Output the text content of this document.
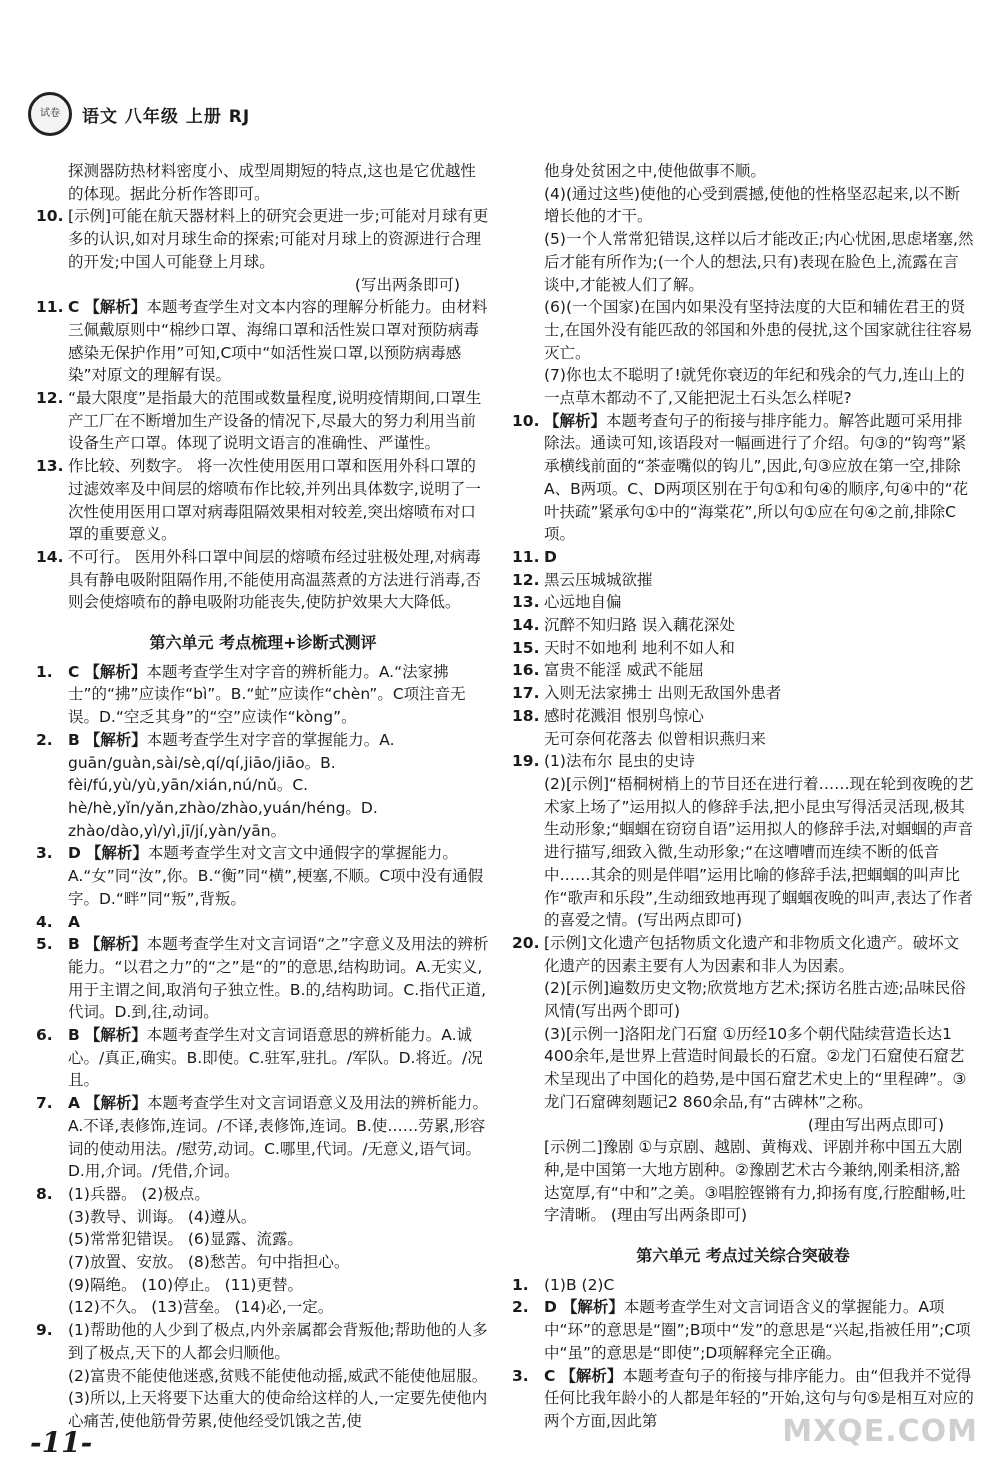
试卷	语文 八年级 上册 RJ
探测器防热材料密度小、成型周期短的特点,这也是它优越性的体现。据此分析作答即可。
10. [示例]可能在航天器材料上的研究会更进一步;可能对月球有更多的认识,如对月球生命的探索;可能对月球上的资源进行合理的开发;中国人可能登上月球。
(写出两条即可)
11. C 【解析】本题考查学生对文本内容的理解分析能力。由材料三佩戴原则中“棉纱口罩、海绵口罩和活性炭口罩对预防病毒感染无保护作用”可知,C项中“如活性炭口罩,以预防病毒感染”对原文的理解有误。
12. “最大限度”是指最大的范围或数量程度,说明疫情期间,口罩生产工厂在不断增加生产设备的情况下,尽最大的努力利用当前设备生产口罩。体现了说明文语言的准确性、严谨性。
13. 作比较、列数字。 将一次性使用医用口罩和医用外科口罩的过滤效率及中间层的熔喷布作比较,并列出具体数字,说明了一次性使用医用口罩对病毒阻隔效果相对较差,突出熔喷布对口罩的重要意义。
14. 不可行。 医用外科口罩中间层的熔喷布经过驻极处理,对病毒具有静电吸附阻隔作用,不能使用高温蒸煮的方法进行消毒,否则会使熔喷布的静电吸附功能丧失,使防护效果大大降低。
第六单元 考点梳理+诊断式测评
1. C 【解析】本题考查学生对字音的辨析能力。A.“法家拂士”的“拂”应读作“bì”。B.“虻”应读作“chèn”。C项注音无误。D.“空乏其身”的“空”应读作“kòng”。
2. B 【解析】本题考查学生对字音的掌握能力。A. guān/guàn,sài/sè,qí/qí,jiāo/jiāo。B. fèi/fú,yù/yù,yān/xián,nú/nǔ。C. hè/hè,yǐn/yǎn,zhào/zhào,yuán/héng。D. zhào/dào,yì/yì,jī/jí,yàn/yān。
3. D 【解析】本题考查学生对文言文中通假字的掌握能力。A.“女”同“汝”,你。B.“衡”同“横”,梗塞,不顺。C项中没有通假字。D.“畔”同“叛”,背叛。
4. A
5. B 【解析】本题考查学生对文言词语“之”字意义及用法的辨析能力。“以君之力”的“之”是“的”的意思,结构助词。A.无实义,用于主谓之间,取消句子独立性。B.的,结构助词。C.指代正道,代词。D.到,往,动词。
6. B 【解析】本题考查学生对文言词语意思的辨析能力。A.诚心。/真正,确实。B.即使。C.驻军,驻扎。/军队。D.将近。/况且。
7. A 【解析】本题考查学生对文言词语意义及用法的辨析能力。A.不译,表修饰,连词。/不译,表修饰,连词。B.使……劳累,形容词的使动用法。/慰劳,动词。C.哪里,代词。/无意义,语气词。D.用,介词。/凭借,介词。
8. (1)兵器。 (2)极点。
(3)教导、训诲。 (4)遵从。
(5)常常犯错误。 (6)显露、流露。
(7)放置、安放。 (8)愁苦。句中指担心。
(9)隔绝。 (10)停止。 (11)更替。
(12)不久。 (13)营垒。 (14)必,一定。
9. (1)帮助他的人少到了极点,内外亲属都会背叛他;帮助他的人多到了极点,天下的人都会归顺他。
(2)富贵不能使他迷惑,贫贱不能使他动摇,威武不能使他屈服。
(3)所以,上天将要下达重大的使命给这样的人,一定要先使他内心痛苦,使他筋骨劳累,使他经受饥饿之苦,使
他身处贫困之中,使他做事不顺。
(4)(通过这些)使他的心受到震撼,使他的性格坚忍起来,以不断增长他的才干。
(5)一个人常常犯错误,这样以后才能改正;内心忧困,思虑堵塞,然后才能有所作为;(一个人的想法,只有)表现在脸色上,流露在言谈中,才能被人们了解。
(6)(一个国家)在国内如果没有坚持法度的大臣和辅佐君王的贤士,在国外没有能匹敌的邻国和外患的侵扰,这个国家就往往容易灭亡。
(7)你也太不聪明了!就凭你衰迈的年纪和残余的气力,连山上的一点草木都动不了,又能把泥土石头怎么样呢?
10. 【解析】本题考查句子的衔接与排序能力。解答此题可采用排除法。通读可知,该语段对一幅画进行了介绍。句③的“钩弯”紧承横线前面的“茶壶嘴似的钩儿”,因此,句③应放在第一空,排除A、B两项。C、D两项区别在于句①和句④的顺序,句④中的“花叶扶疏”紧承句①中的“海棠花”,所以句①应在句④之前,排除C项。
11. D
12. 黑云压城城欲摧
13. 心远地自偏
14. 沉醉不知归路 误入藕花深处
15. 天时不如地利 地利不如人和
16. 富贵不能淫 威武不能屈
17. 入则无法家拂士 出则无敌国外患者
18. 感时花溅泪 恨别鸟惊心
无可奈何花落去 似曾相识燕归来
19. (1)法布尔 昆虫的史诗
(2)[示例]“梧桐树梢上的节目还在进行着……现在轮到夜晚的艺术家上场了”运用拟人的修辞手法,把小昆虫写得活灵活现,极其生动形象;“蝈蝈在窃窃自语”运用拟人的修辞手法,对蝈蝈的声音进行描写,细致入微,生动形象;“在这嘈嘈而连续不断的低音中……其余的则是伴唱”运用比喻的修辞手法,把蝈蝈的叫声比作“歌声和乐段”,生动细致地再现了蝈蝈夜晚的叫声,表达了作者的喜爱之情。(写出两点即可)
20. [示例]文化遗产包括物质文化遗产和非物质文化遗产。破坏文化遗产的因素主要有人为因素和非人为因素。
(2)[示例]遍数历史文物;欣赏地方艺术;探访名胜古迹;品味民俗风情(写出两个即可)
(3)[示例一]洛阳龙门石窟 ①历经10多个朝代陆续营造长达1 400余年,是世界上营造时间最长的石窟。②龙门石窟使石窟艺术呈现出了中国化的趋势,是中国石窟艺术史上的“里程碑”。③龙门石窟碑刻题记2 860余品,有“古碑林”之称。
(理由写出两点即可)
[示例二]豫剧 ①与京剧、越剧、黄梅戏、评剧并称中国五大剧种,是中国第一大地方剧种。②豫剧艺术古今兼纳,刚柔相济,豁达宽厚,有“中和”之美。③唱腔铿锵有力,抑扬有度,行腔酣畅,吐字清晰。 (理由写出两条即可)
第六单元 考点过关综合突破卷
1. (1)B (2)C
2. D 【解析】本题考查学生对文言词语含义的掌握能力。A项中“环”的意思是“圈”;B项中“发”的意思是“兴起,指被任用”;C项中“虽”的意思是“即使”;D项解释完全正确。
3. C 【解析】本题考查句子的衔接与排序能力。由“但我并不觉得任何比我年龄小的人都是年轻的”开始,这句与句⑤是相互对应的两个方面,因此第
-11-	MXQE.COM
